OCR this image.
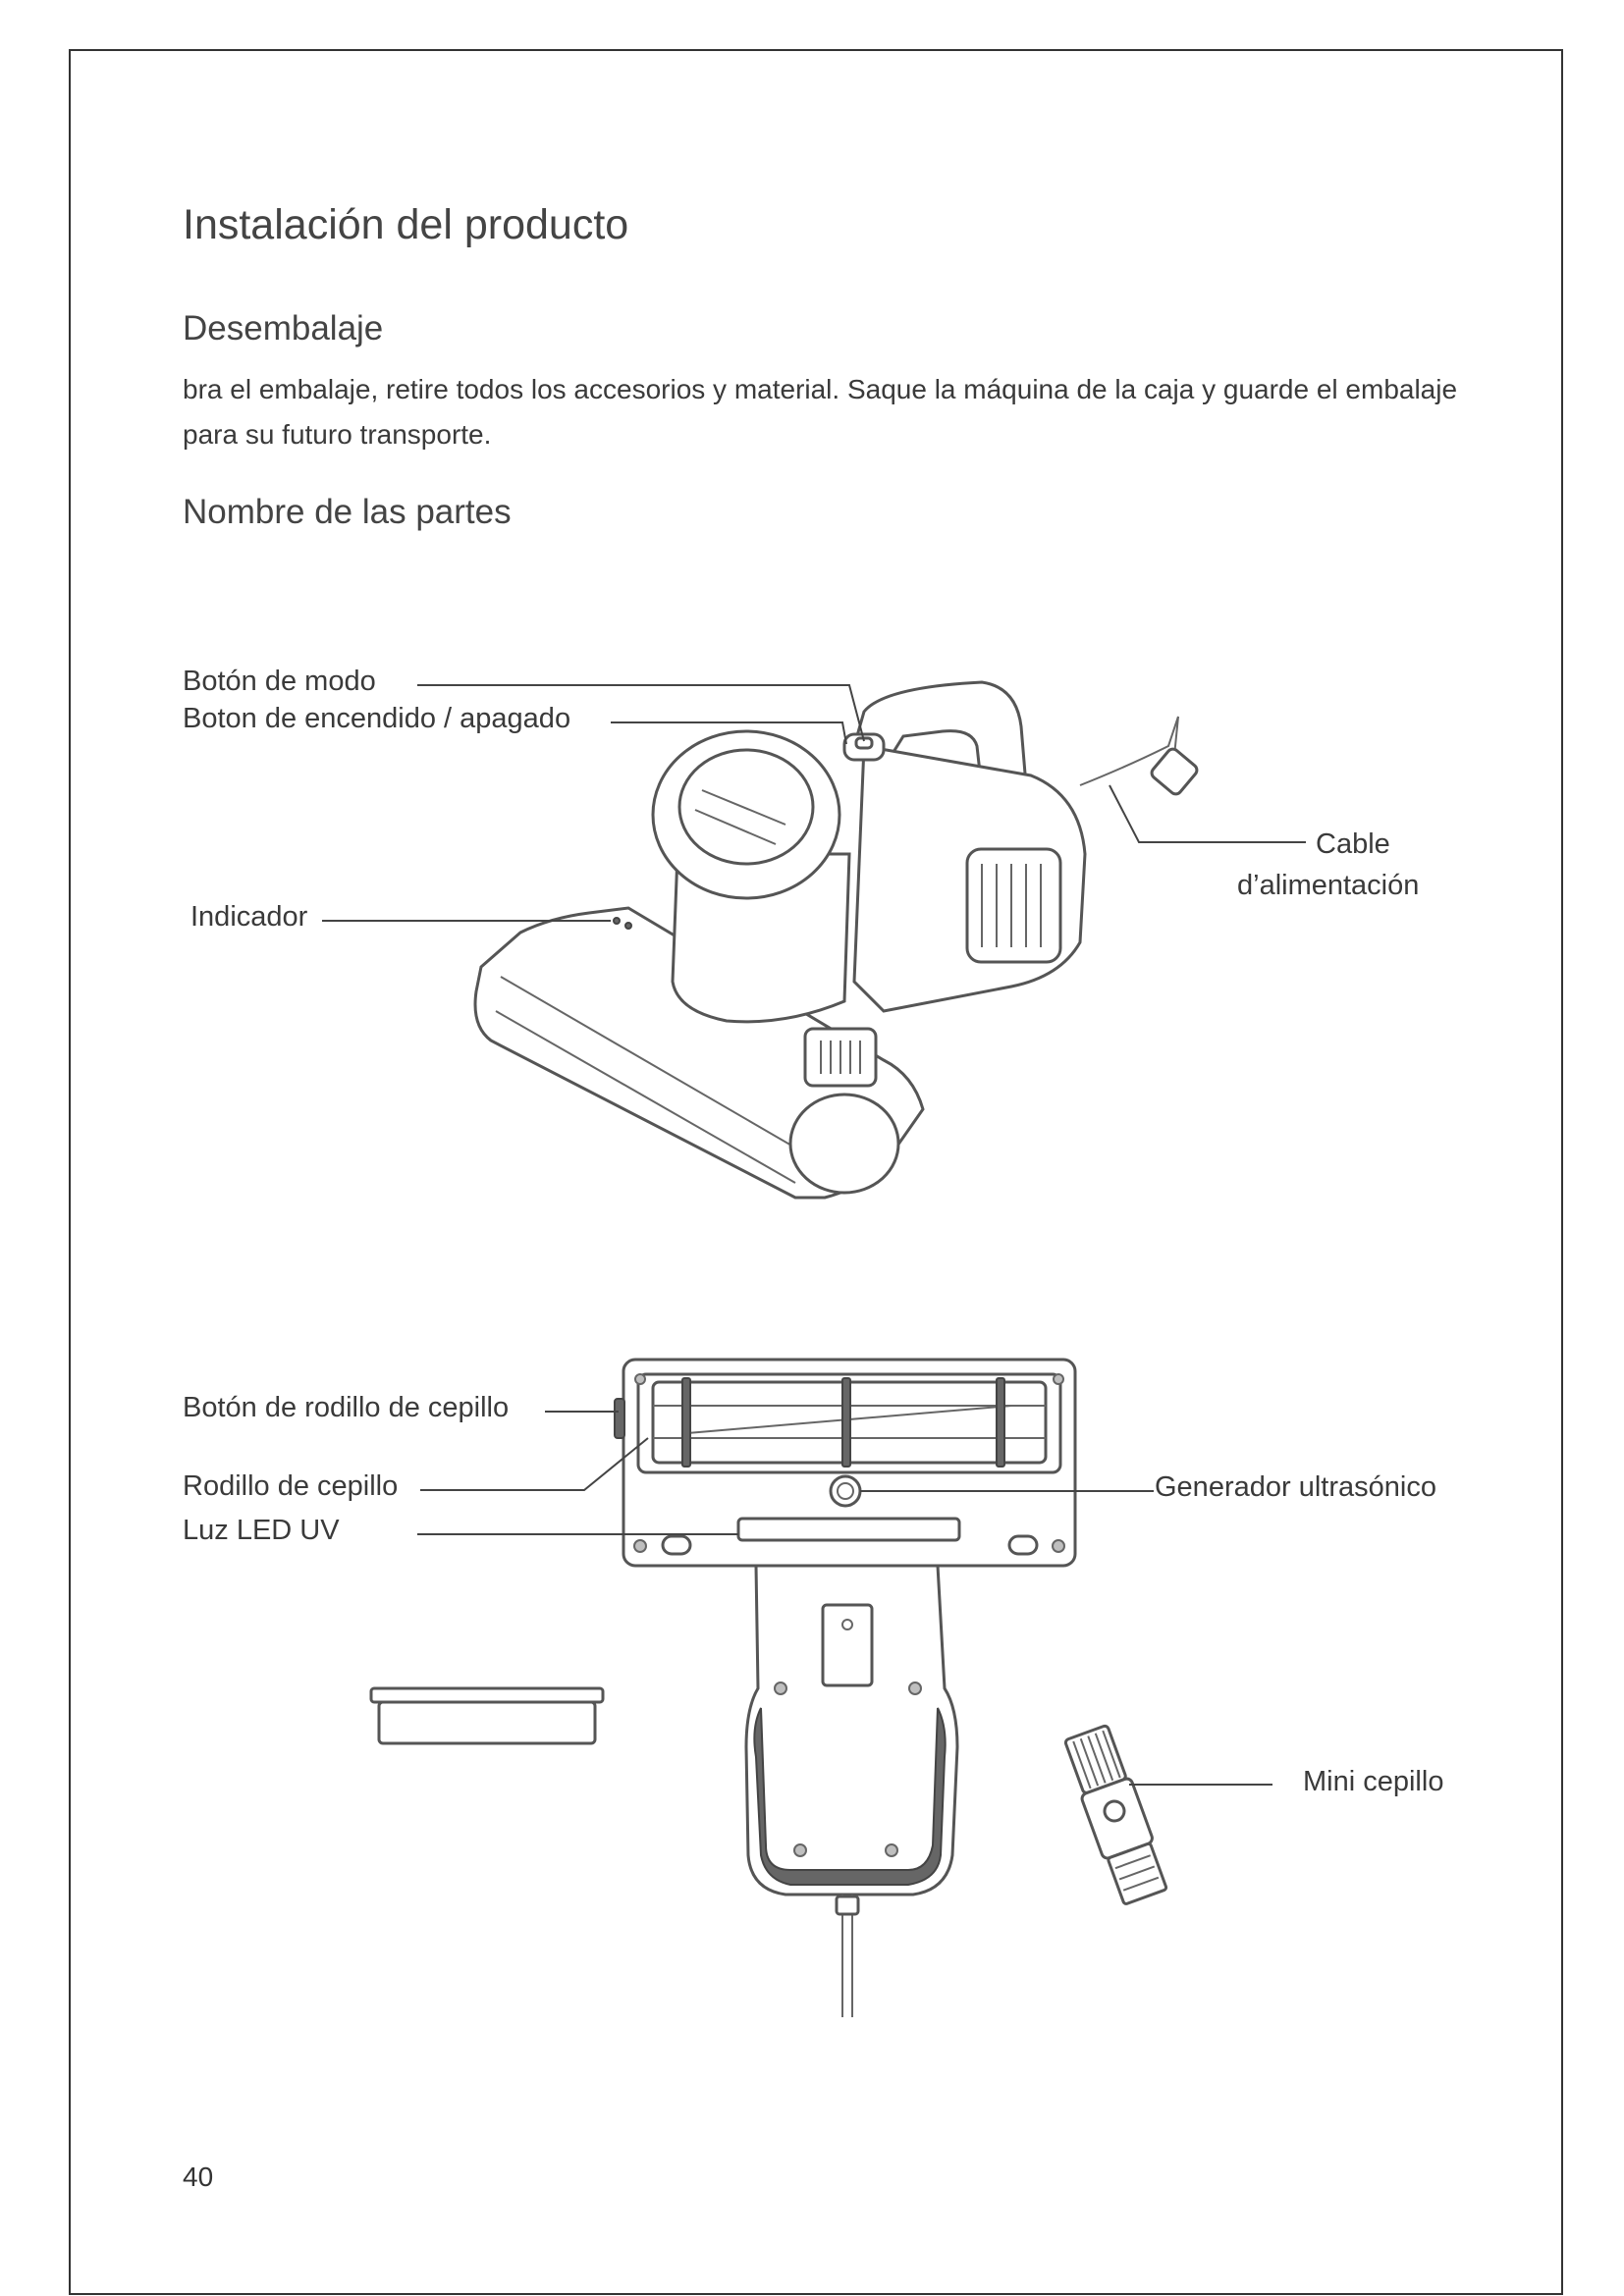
Instalación del producto
Desembalaje

bra el embalaje, retire todos los accesorios y material. Saque la máquina de la caja y guarde el embalaje para su futuro transporte.

Nombre de las partes

Botón de modo

Boton de encendido / apagado

Cable

d’alimentación

Indicador

Botón de rodillo de cepillo

Rodillo de cepillo	Generador ultrasónico

Luz LED UV

Mini cepillo

40
